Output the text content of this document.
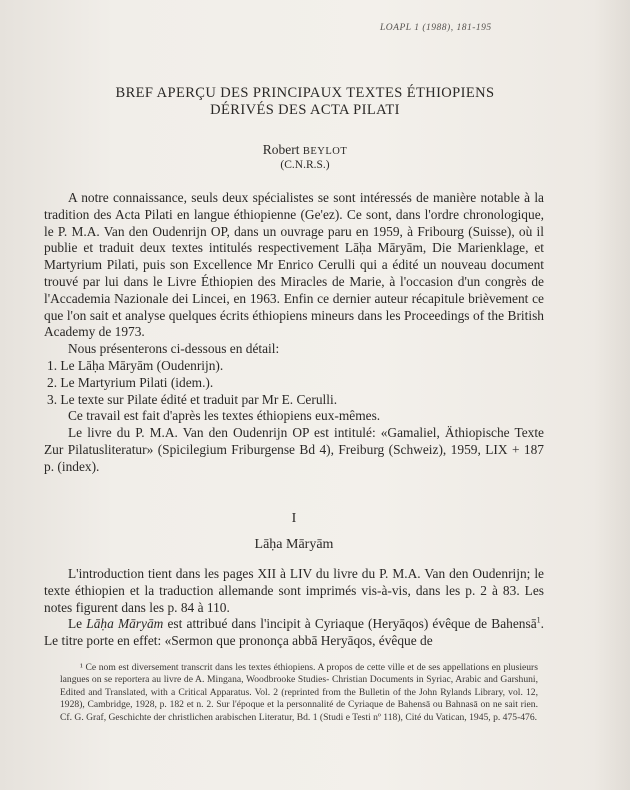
LOAPL 1 (1988), 181-195
BREF APERÇU DES PRINCIPAUX TEXTES ÉTHIOPIENS
DÉRIVÉS DES ACTA PILATI
Robert BEYLOT
(C.N.R.S.)

A notre connaissance, seuls deux spécialistes se sont intéressés de manière notable à la tradition des Acta Pilati en langue éthiopienne (Ge'ez). Ce sont, dans l'ordre chronologique, le P. M.A. Van den Oudenrijn OP, dans un ouvrage paru en 1959, à Fribourg (Suisse), où il publie et traduit deux textes intitulés respectivement Lāḥa Māryām, Die Marienklage, et Martyrium Pilati, puis son Excellence Mr Enrico Cerulli qui a édité un nouveau document trouvé par lui dans le Livre Éthiopien des Miracles de Marie, à l'occasion d'un congrès de l'Accademia Nazionale dei Lincei, en 1963. Enfin ce dernier auteur récapitule brièvement ce que l'on sait et analyse quelques écrits éthiopiens mineurs dans les Proceedings of the British Academy de 1973.

Nous présenterons ci-dessous en détail:

1. Le Lāḥa Māryām (Oudenrijn).

2. Le Martyrium Pilati (idem.).

3. Le texte sur Pilate édité et traduit par Mr E. Cerulli.

Ce travail est fait d'après les textes éthiopiens eux-mêmes.

Le livre du P. M.A. Van den Oudenrijn OP est intitulé: «Gamaliel, Äthiopische Texte Zur Pilatusliteratur» (Spicilegium Friburgense Bd 4), Freiburg (Schweiz), 1959, LIX + 187 p. (index).

I
Lāḥa Māryām

L'introduction tient dans les pages XII à LIV du livre du P. M.A. Van den Oudenrijn; le texte éthiopien et la traduction allemande sont imprimés vis-à-vis, dans les p. 2 à 83. Les notes figurent dans les p. 84 à 110.

Le Lāḥa Māryām est attribué dans l'incipit à Cyriaque (Heryāqos) évêque de Bahensā$^1$. Le titre porte en effet: «Sermon que prononça abbā Heryāqos, évêque de

¹ Ce nom est diversement transcrit dans les textes éthiopiens. A propos de cette ville et de ses appellations en plusieurs langues on se reportera au livre de A. Mingana, Woodbrooke Studies- Christian Documents in Syriac, Arabic and Garshuni, Edited and Translated, with a Critical Apparatus. Vol. 2 (reprinted from the Bulletin of the John Rylands Library, vol. 12, 1928), Cambridge, 1928, p. 182 et n. 2. Sur l'époque et la personnalité de Cyriaque de Bahensā ou Bahnasā on ne sait rien. Cf. G. Graf, Geschichte der christlichen arabischen Literatur, Bd. 1 (Studi e Testi nº 118), Cité du Vatican, 1945, p. 475-476.
